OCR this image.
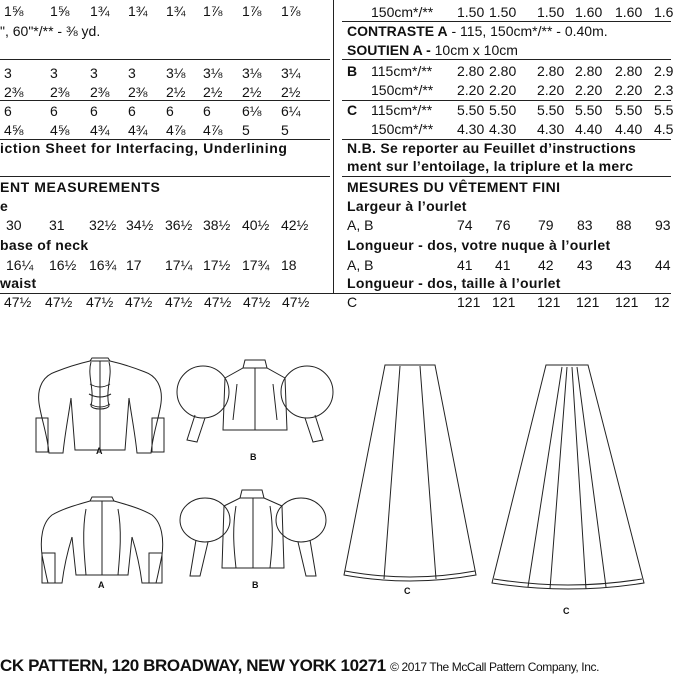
1⅝ 1⅝ 1¾ 1¾ 1¾ 1⅞ 1⅞ 1⅞
", 60"*/** - ⅜ yd.
3	3 3 3 3⅛ 3⅛ 3⅛ 3¼
2⅜ 2⅜ 2⅜ 2⅜ 2½ 2½ 2½ 2½
6	6 6 6 6 6 6⅛ 6¼
4⅝ 4⅝ 4¾ 4¾ 4⅞ 4⅞ 5 5
iction Sheet for Interfacing, Underlining
ENT MEASUREMENTS
e
30 31 32½ 34½ 36½ 38½ 40½ 42½
base of neck
16¼ 16½ 16¾ 17 17¼ 17½ 17¾ 18
waist
47½ 47½ 47½ 47½ 47½ 47½ 47½ 47½
150cm*/** 1.50 1.50 1.50 1.60 1.60 1.6
CONTRASTE A - 115, 150cm*/** - 0.40m.
SOUTIEN A - 10cm x 10cm
B 115cm*/** 2.80 2.80 2.80 2.80 2.80 2.9
150cm*/** 2.20 2.20 2.20 2.20 2.20 2.3
C 115cm*/** 5.50 5.50 5.50 5.50 5.50 5.5
150cm*/** 4.30 4.30 4.30 4.40 4.40 4.5
N.B. Se reporter au Feuillet d’instructions
ment sur l’entoilage, la triplure et la merc
MESURES DU VÊTEMENT FINI
Largeur à l’ourlet
A, B	74 76 79 83 88 93
Longueur - dos, votre nuque à l’ourlet
A, B	41 41 42 43 43 44
Longueur - dos, taille à l’ourlet
C	121 121 121 121 121 12
A
B
A	B
C
C
CK PATTERN, 120 BROADWAY, NEW YORK 10271 © 2017 The McCall Pattern Company, Inc.
